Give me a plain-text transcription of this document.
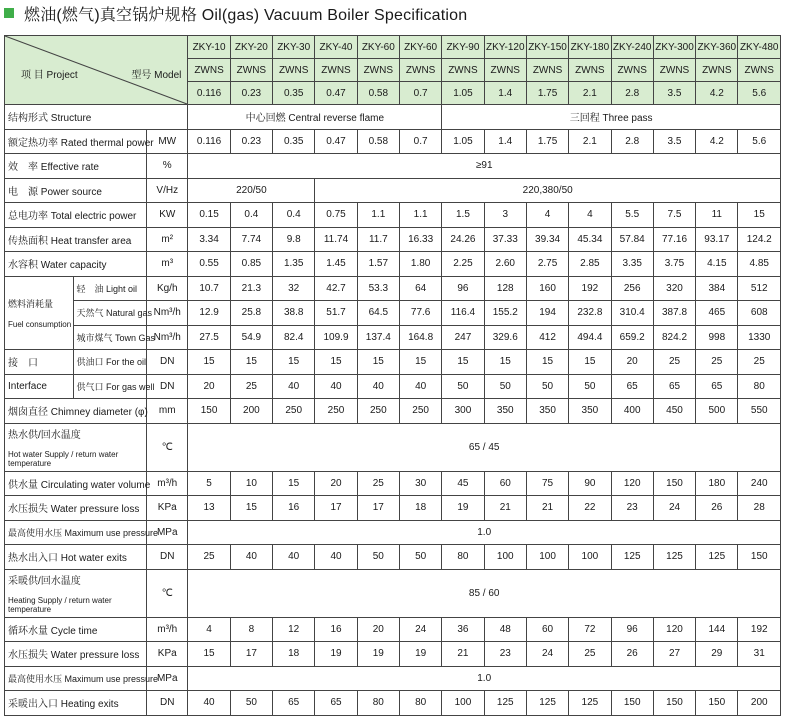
燃油(燃气)真空锅炉规格 Oil(gas) Vacuum Boiler Specification
项 目 Project 型号 Model			ZKY-10	ZKY-20	ZKY-30	ZKY-40	ZKY-60	ZKY-60	ZKY-90	ZKY-120	ZKY-150	ZKY-180	ZKY-240	ZKY-300	ZKY-360	ZKY-480
			ZWNS	ZWNS	ZWNS	ZWNS	ZWNS	ZWNS	ZWNS	ZWNS	ZWNS	ZWNS	ZWNS	ZWNS	ZWNS	ZWNS
			0.116	0.23	0.35	0.47	0.58	0.7	1.05	1.4	1.75	2.1	2.8	3.5	4.2	5.6
结构形式 Structure			中心回燃 Central reverse flame						三回程 Three pass							
额定热功率 Rated thermal power		MW	0.116	0.23	0.35	0.47	0.58	0.7	1.05	1.4	1.75	2.1	2.8	3.5	4.2	5.6
效　率 Effective rate		%	≥91													
电　源 Power source		V/Hz	220/50			220,380/50										
总电功率 Total electric power		KW	0.15	0.4	0.4	0.75	1.1	1.1	1.5	3	4	4	5.5	7.5	11	15
传热面积 Heat transfer area		m²	3.34	7.74	9.8	11.74	11.7	16.33	24.26	37.33	39.34	45.34	57.84	77.16	93.17	124.2
水容积 Water capacity		m³	0.55	0.85	1.35	1.45	1.57	1.80	2.25	2.60	2.75	2.85	3.35	3.75	4.15	4.85

燃料消耗量
Fuel consumption	轻　油 Light oil	Kg/h	10.7	21.3	32	42.7	53.3	64	96	128	160	192	256	320	384	512
	天然气 Natural gas	Nm³/h	12.9	25.8	38.8	51.7	64.5	77.6	116.4	155.2	194	232.8	310.4	387.8	465	608
	城市煤气 Town Gas	Nm³/h	27.5	54.9	82.4	109.9	137.4	164.8	247	329.6	412	494.4	659.2	824.2	998	1330
接　口	供油口 For the oil	DN	15	15	15	15	15	15	15	15	15	15	20	25	25	25
Interface	供气口 For gas well	DN	20	25	40	40	40	40	50	50	50	50	65	65	65	80
烟囱直径 Chimney diameter (φ)		mm	150	200	250	250	250	250	300	350	350	350	400	450	500	550

热水供/回水温度
Hot water Supply / return water temperature		℃	65 / 45													
供水量 Circulating water volume		m³/h	5	10	15	20	25	30	45	60	75	90	120	150	180	240
水压损失 Water pressure loss		KPa	13	15	16	17	17	18	19	21	21	22	23	24	26	28
最高使用水压 Maximum use pressure		MPa	1.0													
热水出入口 Hot water exits		DN	25	40	40	40	50	50	80	100	100	100	125	125	125	150

采暖供/回水温度
Heating Supply / return water temperature		℃	85 / 60													
循环水量 Cycle time		m³/h	4	8	12	16	20	24	36	48	60	72	96	120	144	192
水压损失 Water pressure loss		KPa	15	17	18	19	19	19	21	23	24	25	26	27	29	31
最高使用水压 Maximum use pressure		MPa	1.0													
采暖出入口 Heating exits		DN	40	50	65	65	80	80	100	125	125	125	150	150	150	200
